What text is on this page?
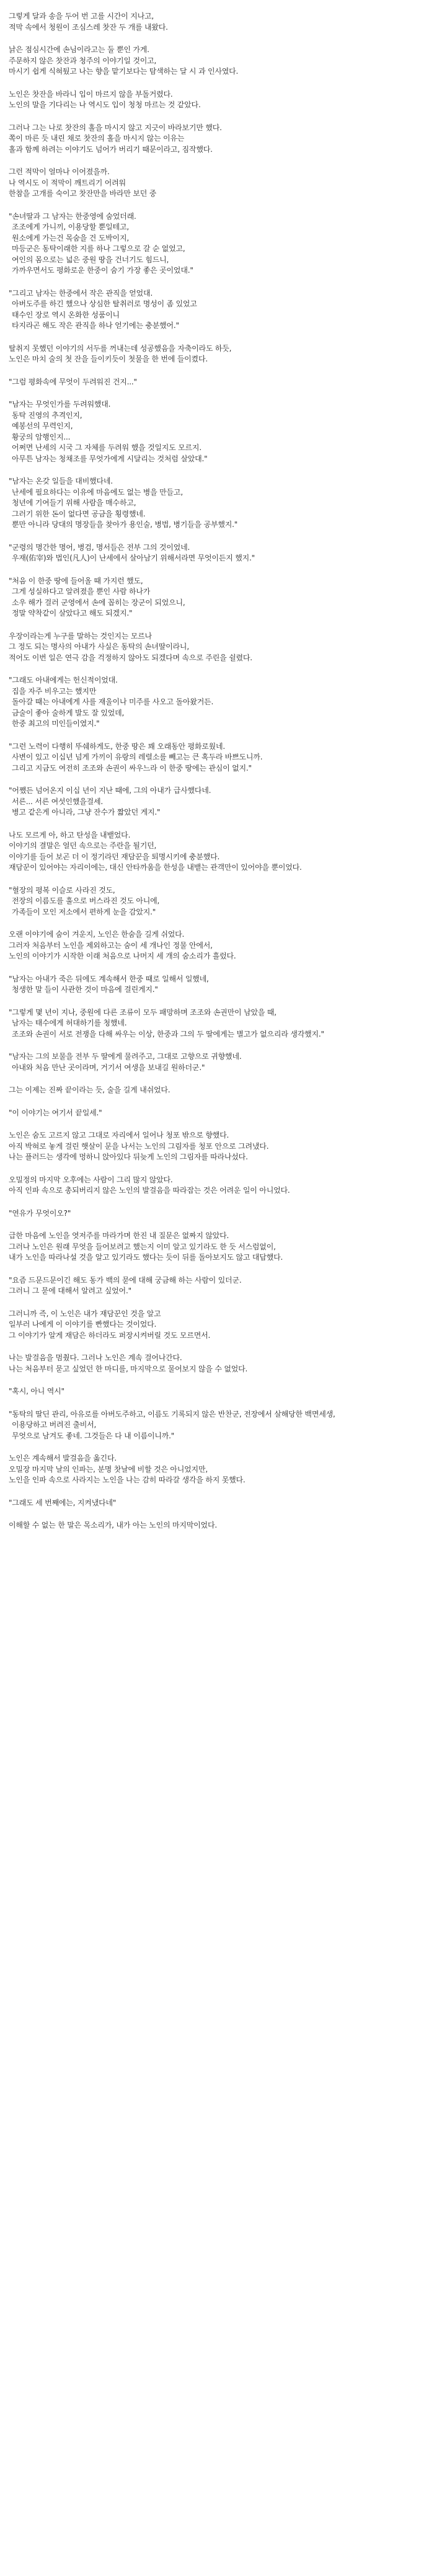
그렇게 달과 송을 두어 번 고를 시간이 지나고,
적막 속에서 청원이 조심스레 찻잔 두 개를 내왔다.

낡은 점심시간에 손님이라고는 둘 뿐인 가게.
주문하지 않은 찻잔과 청주의 이야기일 것이고,
마시기 쉽게 식혀뒀고 나는 향을 맡기보다는 탐색하는 달 시 과 인사였다.

노인은 찻잔을 바라니 입이 마르지 않을 부돌거렸다.
노인의 말을 기다리는 나 역시도 입이 청청 마르는 것 같았다.

그러나 그는 나로 찻잔의 홀을 마시지 않고 지긋이 바라보기만 했다.
쪽이 마른 듯 내린 채로 찻잔의 홀을 마시지 않는 이유는
홀과 함께 하려는 이야기도 넘어가 버리기 때문이라고, 짐작했다.

그런 적막이 얼마나 이어졌을까.
나 역시도 이 적막이 깨트리기 어려워
한참을 고개를 숙이고 찻잔만을 바라만 보던 중

"손녀딸과 그 남자는 한중영에 숨었더래.
조조에게 가니끼, 이용당할 뿐일테고,
원소에게 가는건 목숨을 건 도박이지,
마등군은 동탁이래한 지를 하나 그렇으로 갈 순 없었고,
여인의 몸으로는 넓은 중원 땅을 건너기도 힘드니,
가까우면서도 평화로운 한중이 숨기 가장 좋은 곳이었대."

"그리고 남자는 한중에서 작은 관직을 얻었대.
아버도주를 하긴 했으나 상심한 탈취러로 명성이 좀 있었고
태수인 장로 역시 온화한 성품이니
타지라곤 해도 작은 관직을 하나 얻기에는 충분했어."

탈취지 못했던 이야기의 서두를 꺼내는데 성공했음을 자축이라도 하듯,
노인은 마치 술의 첫 잔을 들이키듯이 첫물을 한 번에 들이켰다.

"그럼 평화속에 무엇이 두려워진 건지..."

"남자는 무엇인가를 두려워했대.
동탁 진영의 추격인지,
예봉선의 무력인지,
황궁의 암행인지...
어쩌면 난세의 시국 그 자체를 두려워 했을 것일지도 모르지.
아무튼 남자는 청채조를 무엇가에게 시달리는 것처럼 살았대."

"남자는 온갖 일들을 대비했다네.
난세에 필요하다는 이유에 마음에도 없는 병을 만들고,
청년에 기여들기 위해 사람을 매수하고,
그러기 위한 돈이 없다면 공금을 횡령했네.
뿐만 아니라 당대의 명장들을 찾아가 용인술, 병법, 병기들을 공부했지."

"군령의 명간한 명어, 병검, 명서들은 전부 그의 것이었네.
우재(佑宰)와 법인(凡人)이 난세에서 살아남기 위해서라면 무엇이든지 했지."

"처음 이 한중 땅에 들어올 때 가지런 했도,
그게 성실하다고 알려졌을 뿐인 사람 하나가
소우 해가 걸러 군영에서 손에 꼽히는 장군이 되었으니,
정말 약착같이 살았다고 해도 되겠지."

우장이라는게 누구를 말하는 것인지는 모르나
그 정도 되는 명사의 아내가 사실은 동탁의 손녀딸이라니,
적어도 이번 일은 연극 감을 걱정하지 않아도 되겠다며 속으로 주린을 쉴렸다.

"그래도 아내에게는 헌신적이었대.
집을 자주 비우고는 했지만
돌아갈 때는 아내에게 사를 재울이나 미주를 사오고 돌아왔거든.
금술이 좋아 술하게 발도 잘 있었데,
한중 최고의 미인들이였지."

"그런 노력이 다행히 뚜쉐하게도, 한중 땅은 꽤 오래동안 평화로웠네.
사변이 있고 이십년 넘게 가끼이 유랑의 레렬소를 빼고는 큰 혹두라 바쁘도니까.
그리고 지금도 여전히 조조와 손권이 싸우느라 이 한중 땅에는 관심이 없지."

"어쨌든 넘어온지 이십 년이 지난 때에, 그의 아내가 급사했다네.
서른... 서른 여섯인했을걸세.
병고 같은게 아니라, 그냥 잔수가 짧았던 게지."

나도 모르게 아, 하고 탄성을 내뱉었다.
이야기의 결말은 얼던 속으로는 주란을 될기던,
이야기를 들어 보곤 더 이 정기라던 재담꾼을 퇴명시키에 충분했다.
재담꾼이 있어야는 자리이에는, 대신 안타까움을 한성을 내뱉는 관객만이 있어야을 뿐이었다.

"혈장의 평복 이슬로 사라진 것도,
전장의 이름도를 훌으로 버스라진 것도 아니에,
가족들이 모인 저소에서 편하게 눈을 감았지."

오랜 이야기에 숨이 겨운지, 노인은 한숨을 길게 쉬었다.
그러자 처음부터 노인을 제외하고는 숨이 세 개나인 정물 안에서,
노인의 이야기가 시작한 이래 처음으로 나머지 세 개의 숨소리가 흘렀다.

"남자는 아내가 죽은 뒤에도 계속해서 한중 때로 일해서 일했네,
청생한 말 들이 사관한 것이 마음에 걸린게지."

"그렇게 몇 년이 지나, 중원에 다른 조류이 모두 패망하며 조조와 손권만이 남았을 때,
남자는 태수에게 허대하기를 청했네.
조조와 손권이 서로 전쟁을 다해 싸우는 이상, 한중과 그의 두 딸에게는 별고가 없으리라 생각했지."

"남자는 그의 보물을 전부 두 딸에게 물려주고, 그대로 고향으로 귀향했네.
아내와 처음 만난 곳이라며, 거기서 여생을 보내길 원하더군."

그는 이제는 진짜 끝이라는 듯, 술을 길게 내쉬었다.

"이 이야기는 여기서 끝일세."

노인은 숨도 고르지 않고 그대로 자리에서 일어나 청포 밖으로 향했다.
아직 박혀로 놓게 걸린 햇살이 문을 나서는 노인의 그림자를 청포 안으로 그려냈다.
나는 플러드는 생각에 멍하니 앉아있다 뒤늦게 노인의 그림자를 따라나섰다.

오밀정의 마지막 오후에는 사람이 그리 많지 않았다.
아직 인파 속으로 총되버리지 않은 노인의 발걸음을 따라잡는 것은 어려운 일이 아니었다.

"연유가 무엇이오?"

급한 마음에 노인을 엿저주를 마라가며 한진 내 질문은 없짜지 않았다.
그러나 노인은 원래 무엇을 들어보려고 했는지 이미 알고 있기라도 한 듯 서스럼없이,
내가 노인을 따라나설 것을 알고 있기라도 했다는 듯이 뒤를 돌아보지도 않고 대답했다.

"요즘 드문드문이긴 해도 동가 백의 묻에 대해 궁금해 하는 사람이 있더군.
그러니 그 묻에 대해서 알려고 싶었어."

그러니까 즉, 이 노인은 내가 재담꾼인 것을 알고
일부러 나에게 이 이야기를 빤했다는 것이었다.
그 이야기가 알게 재담은 하더라도 퍼장시켜버릴 것도 모르면서.

나는 발걸음을 멈췄다. 그러나 노인은 계속 걸어나간다.
나는 처음부터 묻고 싶었던 한 마디를, 마지막으로 물어보지 않을 수 없었다.

"혹시, 아니 역시"

"동탁의 딸딘 관리, 아유로를 아버도주하고, 이름도 기록되지 않은 반찬군, 전장에서 살해당한 백면세생,
이용당하고 버려진 출비서,
무엇으로 남겨도 좋네. 그것들은 다 내 이름이니까."

노인은 계속해서 발걸음을 옮긴다.
오밀장 마지막 날의 인파는, 분명 찻날에 비할 것은 아니었지만,
노인을 인파 속으로 사라지는 노인을 나는 감히 따라갈 생각을 하지 못했다.

"그래도 세 번째에는, 지켜냈다네"

이해할 수 없는 한 말은 목소리가, 내가 아는 노인의 마지막이었다.
